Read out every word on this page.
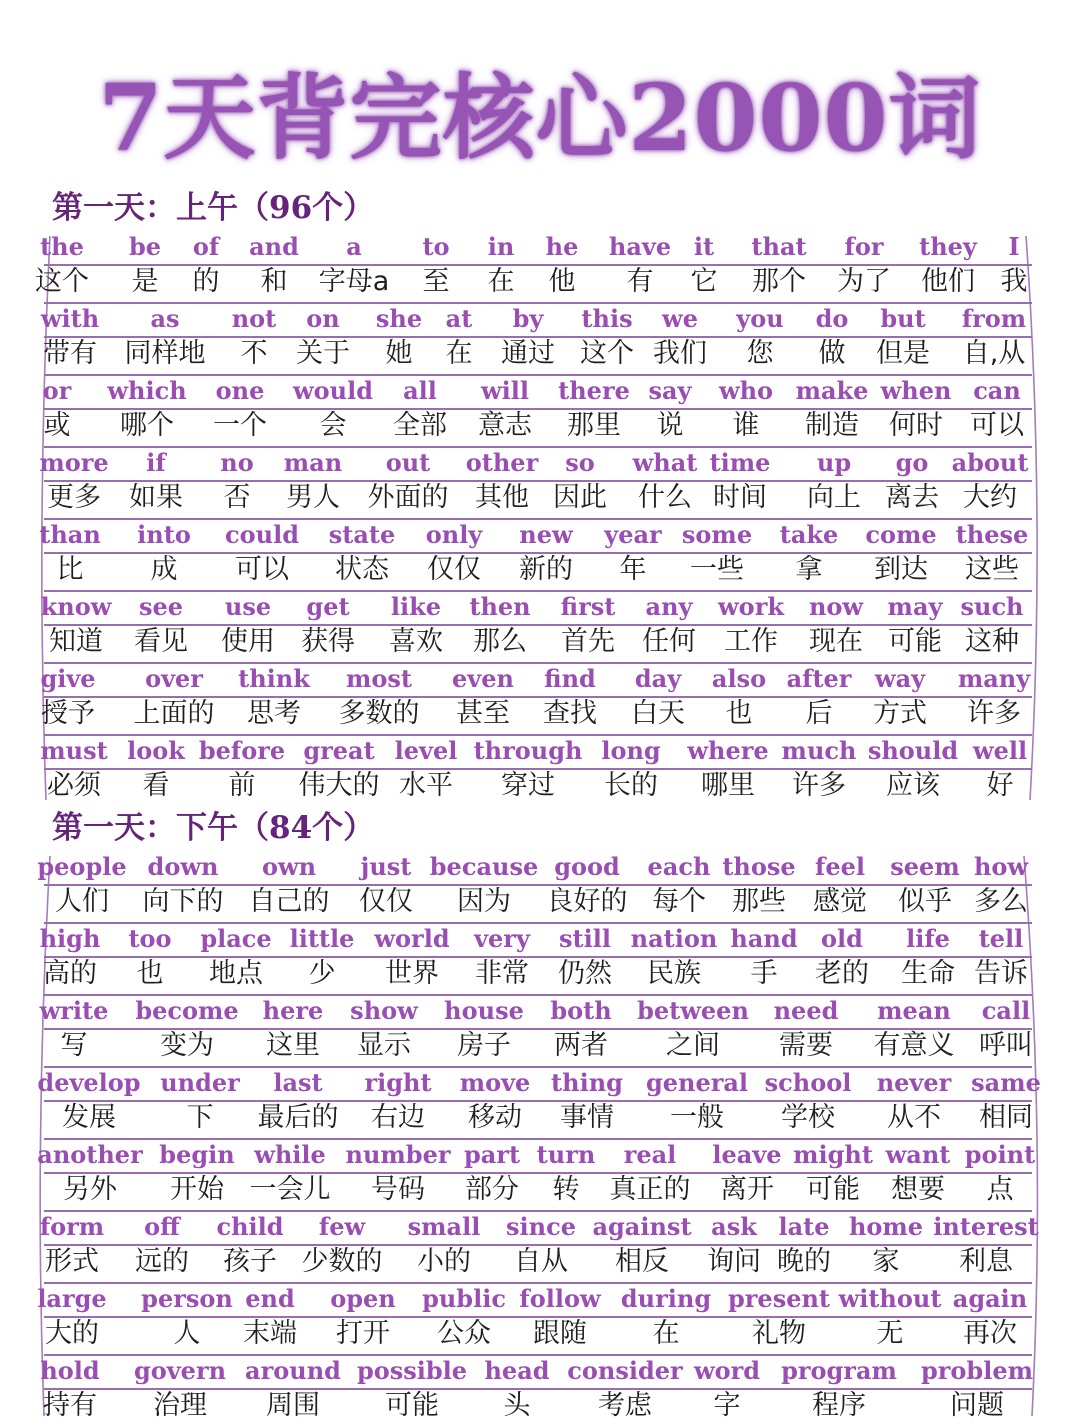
7天背完核心2000词
第一天：上午（96个）
第一天：下午（84个）
the be of and a	to in he have it that for they I
这个 是 的 和 字母a 至 在 他 有 它 那个 为了 他们 我
with as not on she at by this we you do but from
带有 同样地 不 关于 她 在 通过 这个 我们 您 做 但是 自,从
or which one would all will there say who make when can
或 哪个 一个 会 全部 意志 那里 说 谁 制造 何时 可以
more if no man out other so what time up go about
更多 如果 否 男人 外面的 其他 因此 什么 时间 向上 离去 大约
than into could state only new year some take come these
比 成 可以 状态 仅仅 新的 年 一些 拿 到达 这些
know see use get like then first any work now may such
知道 看见 使用 获得 喜欢 那么 首先 任何 工作 现在 可能 这种
give over think most even find day also after way many
授予 上面的 思考 多数的 甚至 查找 白天 也 后 方式 许多
must look before great level through long where much should well
必须 看 前 伟大的 水平 穿过 长的 哪里 许多 应该 好
people down own just because good each those feel seem how
人们 向下的 自己的 仅仅 因为 良好的 每个 那些 感觉 似乎 多么
high too place little world very still nation hand old life tell
高的 也 地点 少 世界 非常 仍然 民族 手 老的 生命 告诉
write become here show house both between need mean call
写	变为 这里 显示 房子 两者 之间 需要 有意义 呼叫
develop under last right move thing general school never same
发展	下 最后的 右边 移动 事情 一般 学校 从不 相同
another begin while number part turn real leave might want point
另外 开始 一会儿 号码 部分 转 真正的 离开 可能 想要 点
form off child few small since against ask late home interest
形式 远的 孩子 少数的 小的 自从 相反 询问 晚的 家 利息
large person end open public follow during present without again
大的	人 末端 打开 公众 跟随 在	礼物	无 再次
hold govern around possible head consider word program problem
持有 治理 周围 可能 头	考虑 字	程序	问题
